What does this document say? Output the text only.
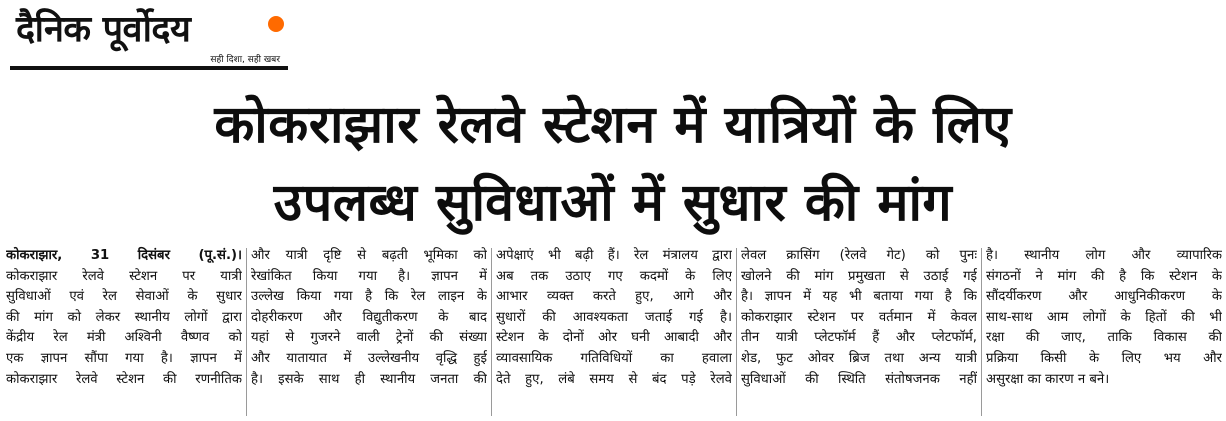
दैनिक पूर्वोदय
सही दिशा, सही खबर
कोकराझार रेलवे स्टेशन में यात्रियों के लिए
उपलब्ध सुविधाओं में सुधार की मांग
कोकराझार, 31 दिसंबर (पू.सं.)।
कोकराझार रेलवे स्टेशन पर यात्री
सुविधाओं एवं रेल सेवाओं के सुधार
की मांग को लेकर स्थानीय लोगों द्वारा
केंद्रीय रेल मंत्री अश्विनी वैष्णव को
एक ज्ञापन सौंपा गया है। ज्ञापन में
कोकराझार रेलवे स्टेशन की रणनीतिक
और यात्री दृष्टि से बढ़ती भूमिका को
रेखांकित किया गया है। ज्ञापन में
उल्लेख किया गया है कि रेल लाइन के
दोहरीकरण और विद्युतीकरण के बाद
यहां से गुजरने वाली ट्रेनों की संख्या
और यातायात में उल्लेखनीय वृद्धि हुई
है। इसके साथ ही स्थानीय जनता की
अपेक्षाएं भी बढ़ी हैं। रेल मंत्रालय द्वारा
अब तक उठाए गए कदमों के लिए
आभार व्यक्त करते हुए, आगे और
सुधारों की आवश्यकता जताई गई है।
स्टेशन के दोनों ओर घनी आबादी और
व्यावसायिक गतिविधियों का हवाला
देते हुए, लंबे समय से बंद पड़े रेलवे
लेवल क्रासिंग (रेलवे गेट) को पुनः
खोलने की मांग प्रमुखता से उठाई गई
है। ज्ञापन में यह भी बताया गया है कि
कोकराझार स्टेशन पर वर्तमान में केवल
तीन यात्री प्लेटफॉर्म हैं और प्लेटफॉर्म,
शेड, फुट ओवर ब्रिज तथा अन्य यात्री
सुविधाओं की स्थिति संतोषजनक नहीं
है। स्थानीय लोग और व्यापारिक
संगठनों ने मांग की है कि स्टेशन के
सौंदर्यीकरण और आधुनिकीकरण के
साथ-साथ आम लोगों के हितों की भी
रक्षा की जाए, ताकि विकास की
प्रक्रिया किसी के लिए भय और
असुरक्षा का कारण न बने।
